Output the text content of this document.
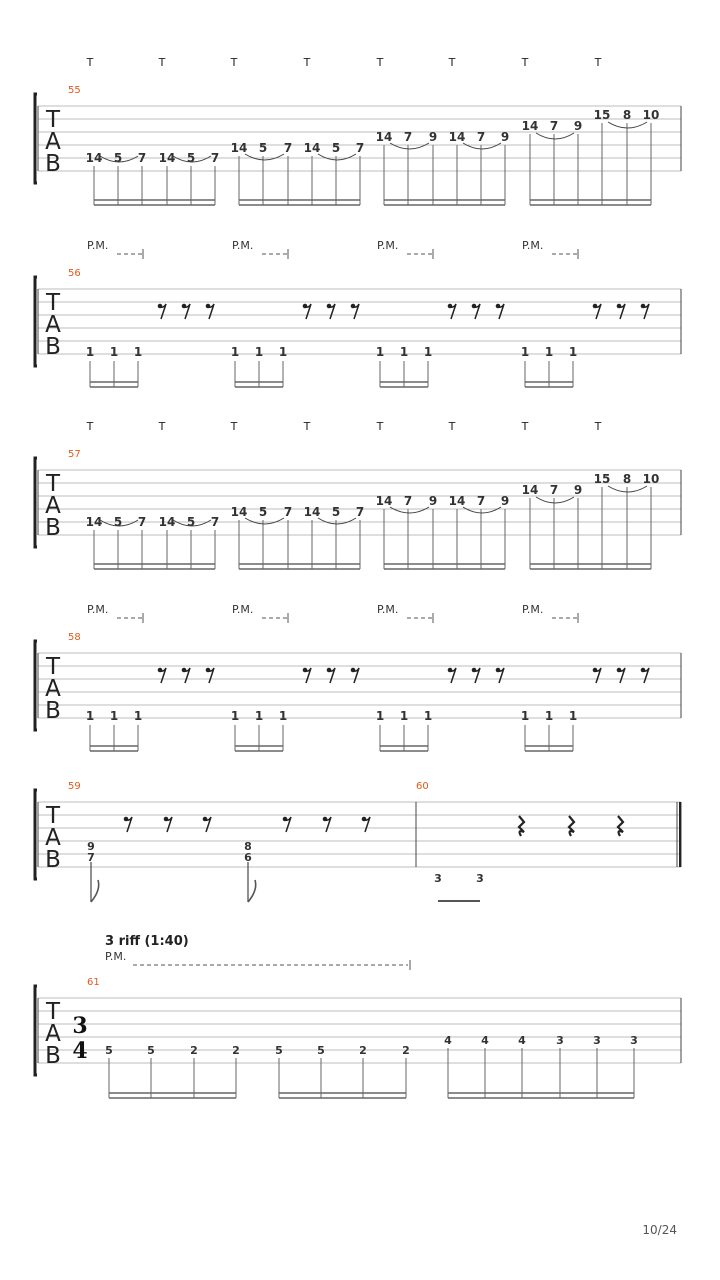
T
A
B
55
T	T	T	T	T	T	T	T
14 5 7 14 5 7
14 5 7 14 5 7
14 7 9 14 7 9
14 7 9
15 8 10
T
A
B
56
P.M.
1 1 1
P.M.
1 1 1
P.M.
1 1 1
P.M.
1 1 1
T
A
B
57
T	T	T	T	T	T	T	T
14 5 7 14 5 7
14 5 7 14 5 7
14 7 9 14 7 9
14 7 9
15 8 10
T
A
B
58
P.M.
1 1 1
P.M.
1 1 1
P.M.
1 1 1
P.M.
1 1 1
T
A
B
59	60
9
7
8
6
3	3
T
A
B
61
3 riff (1:40)
P.M.
3
4 5	5	2	2	5	5	2	2
4	4	4	3	3	3
10/24
